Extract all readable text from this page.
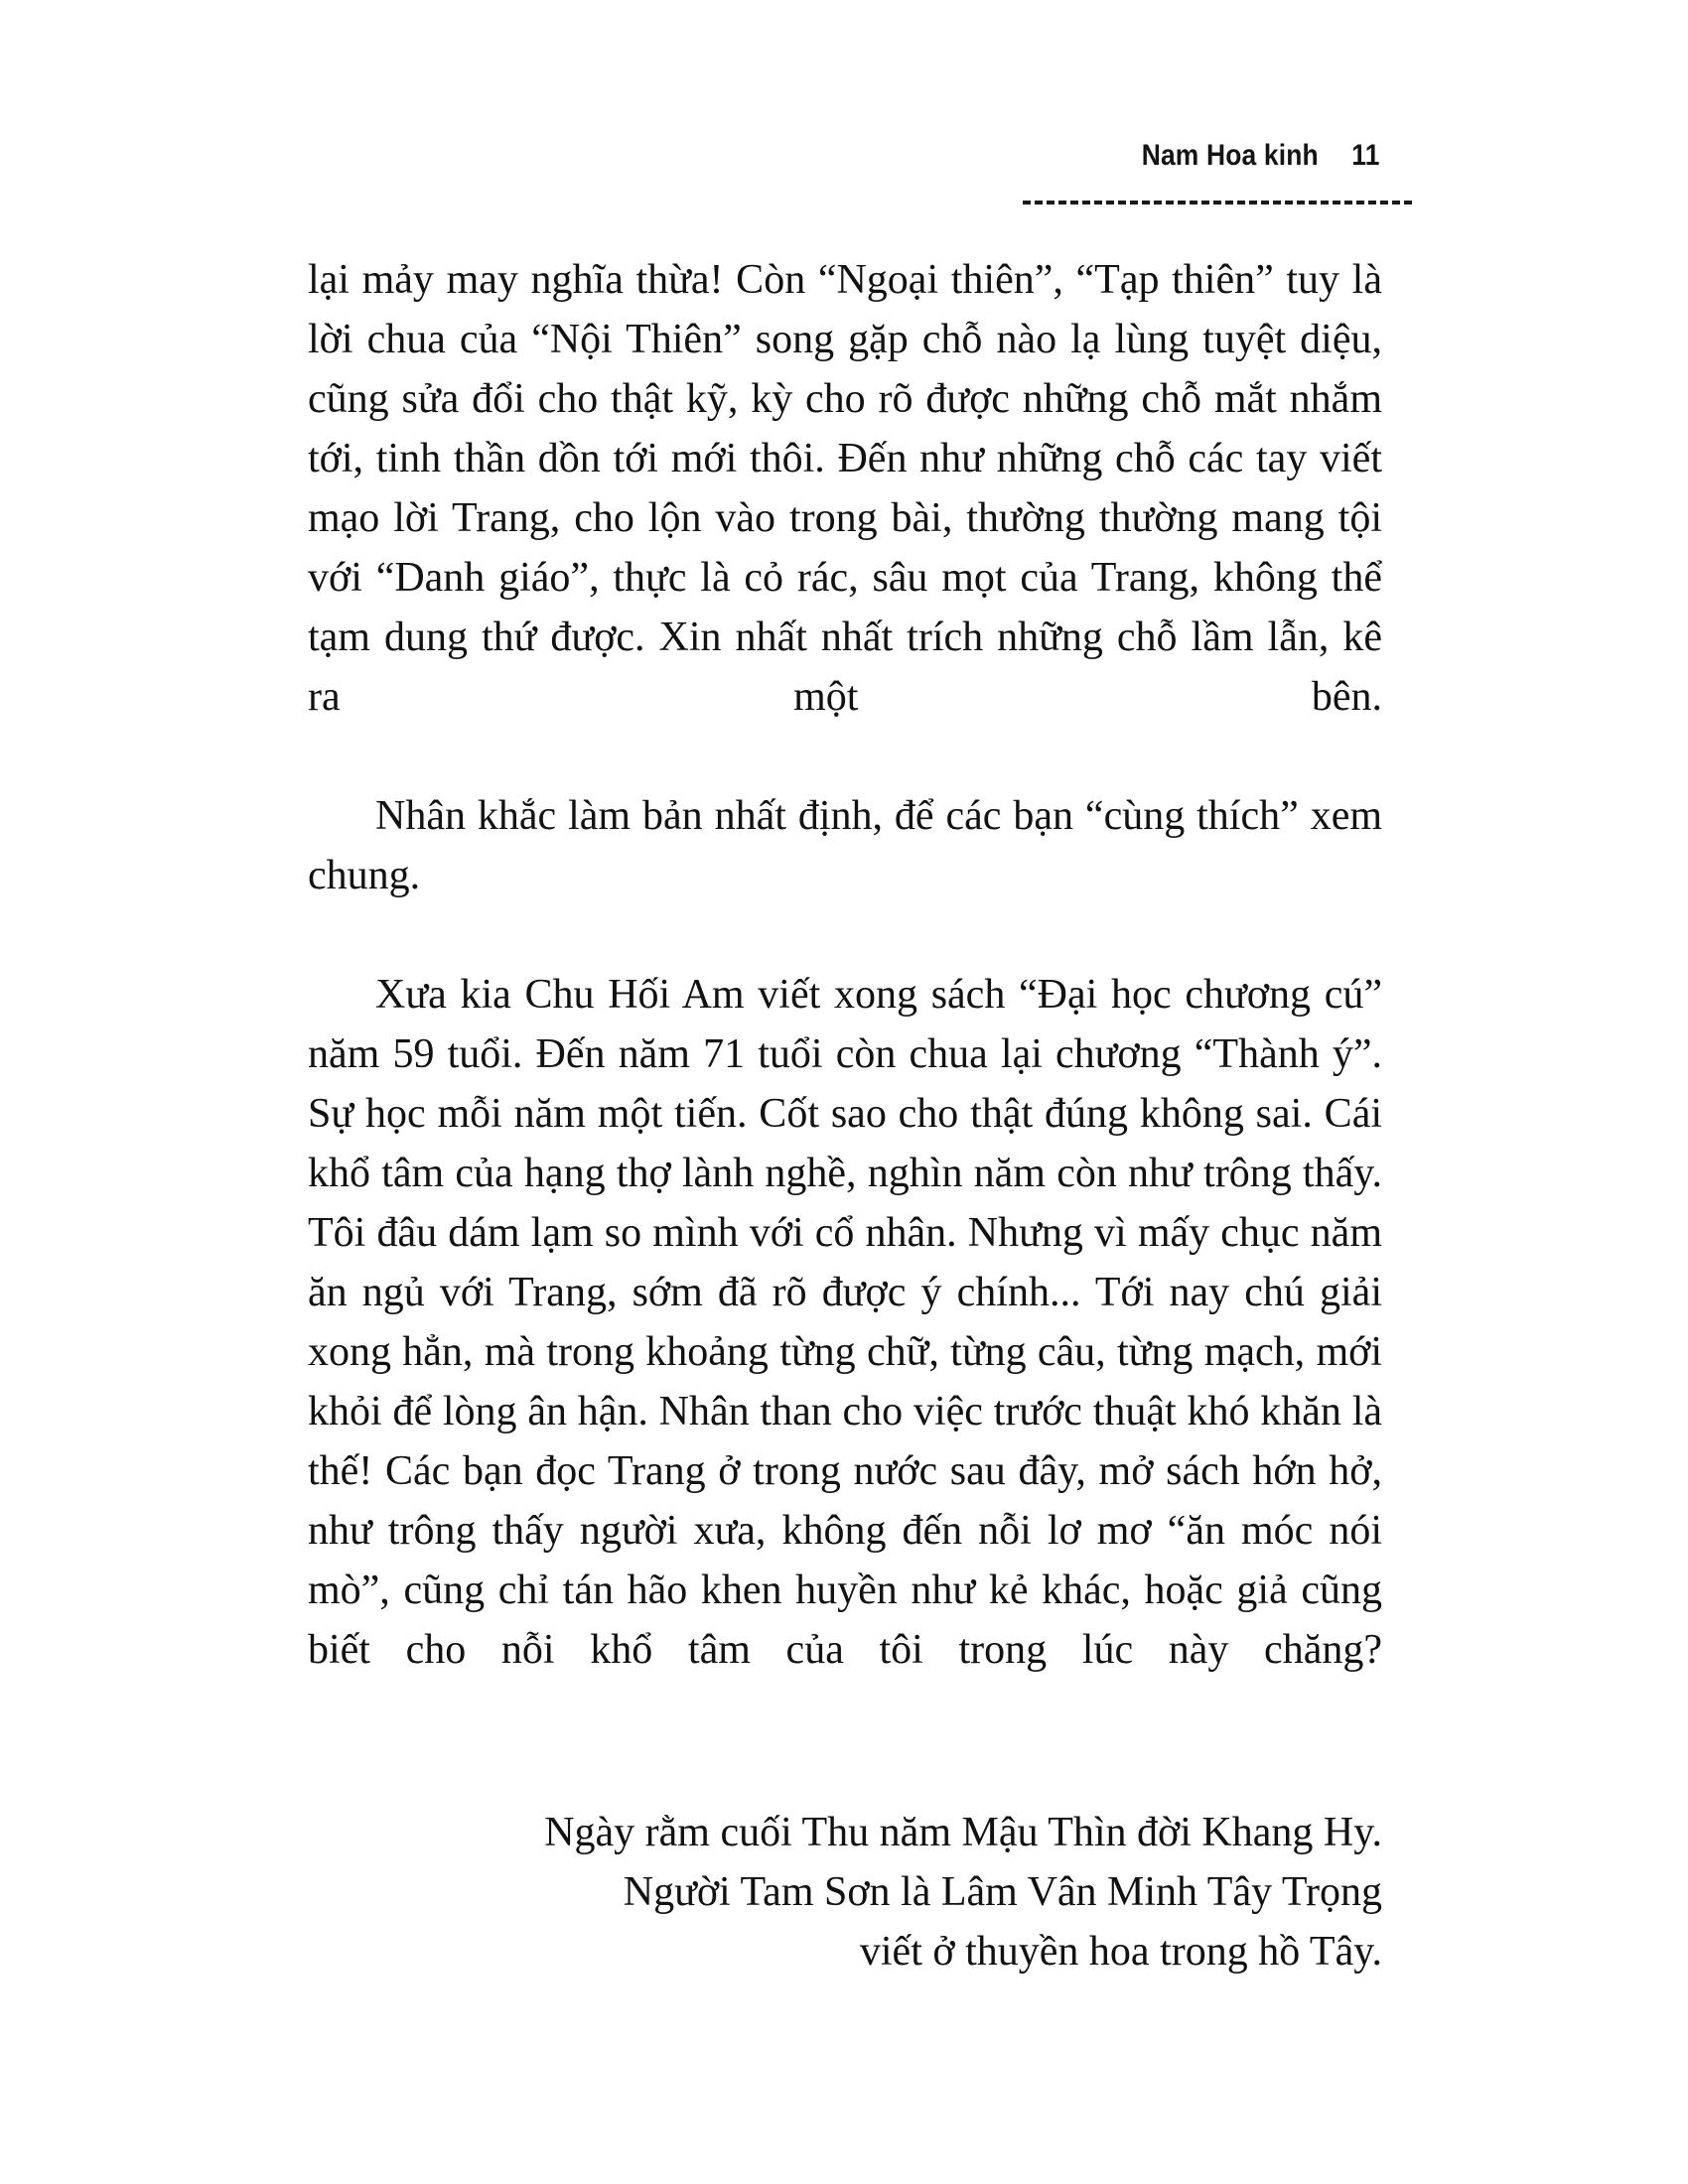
Nam Hoa kinh 11

lại mảy may nghĩa thừa! Còn “Ngoại thiên”, “Tạp thiên” tuy là lời chua của “Nội Thiên” song gặp chỗ nào lạ lùng tuyệt diệu, cũng sửa đổi cho thật kỹ, kỳ cho rõ được những chỗ mắt nhắm tới, tinh thần dồn tới mới thôi. Đến như những chỗ các tay viết mạo lời Trang, cho lộn vào trong bài, thường thường mang tội với “Danh giáo”, thực là cỏ rác, sâu mọt của Trang, không thể tạm dung thứ được. Xin nhất nhất trích những chỗ lầm lẫn, kê ra một bên.

Nhân khắc làm bản nhất định, để các bạn “cùng thích” xem chung.

Xưa kia Chu Hối Am viết xong sách “Đại học chương cú” năm 59 tuổi. Đến năm 71 tuổi còn chua lại chương “Thành ý”. Sự học mỗi năm một tiến. Cốt sao cho thật đúng không sai. Cái khổ tâm của hạng thợ lành nghề, nghìn năm còn như trông thấy. Tôi đâu dám lạm so mình với cổ nhân. Nhưng vì mấy chục năm ăn ngủ với Trang, sớm đã rõ được ý chính... Tới nay chú giải xong hẳn, mà trong khoảng từng chữ, từng câu, từng mạch, mới khỏi để lòng ân hận. Nhân than cho việc trước thuật khó khăn là thế! Các bạn đọc Trang ở trong nước sau đây, mở sách hớn hở, như trông thấy người xưa, không đến nỗi lơ mơ “ăn móc nói mò”, cũng chỉ tán hão khen huyền như kẻ khác, hoặc giả cũng biết cho nỗi khổ tâm của tôi trong lúc này chăng?

Ngày rằm cuối Thu năm Mậu Thìn đời Khang Hy.
Người Tam Sơn là Lâm Vân Minh Tây Trọng
viết ở thuyền hoa trong hồ Tây.
